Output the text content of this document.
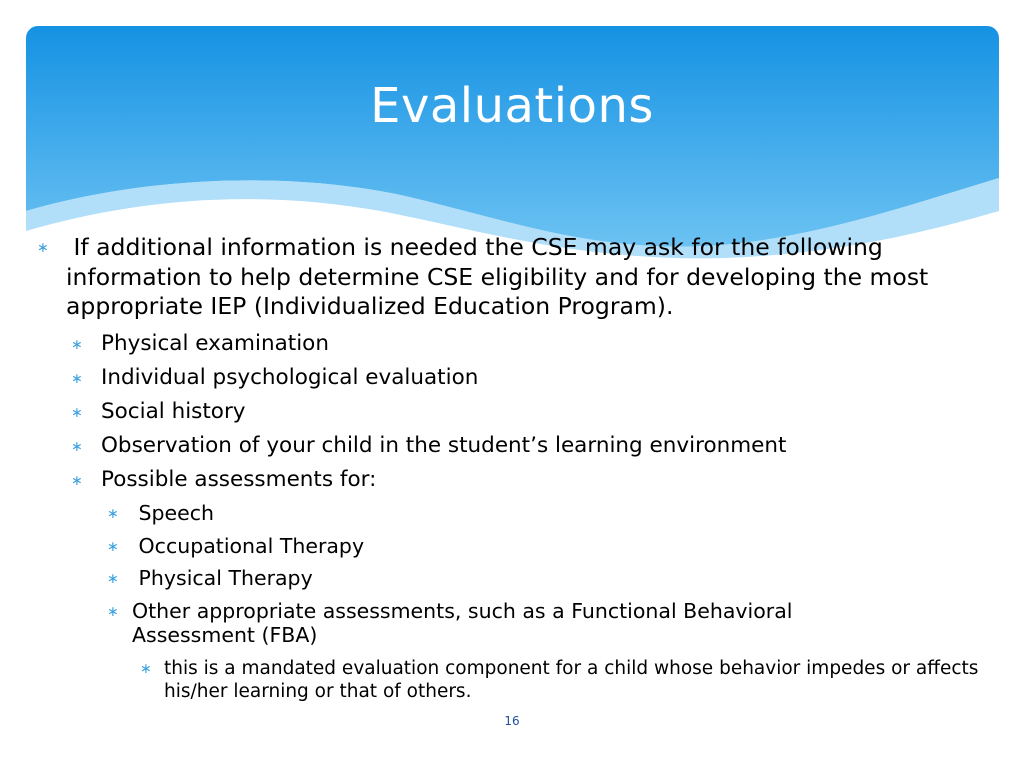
Evaluations
∗ If additional information is needed the CSE may ask for the following information to help determine CSE eligibility and for developing the most appropriate IEP (Individualized Education Program).
∗ Physical examination
∗ Individual psychological evaluation
∗ Social history
∗ Observation of your child in the student’s learning environment
∗ Possible assessments for:
∗ Speech
∗ Occupational Therapy
∗ Physical Therapy
∗ Other appropriate assessments, such as a Functional Behavioral Assessment (FBA)
∗ this is a mandated evaluation component for a child whose behavior impedes or affects his/her learning or that of others.
16
